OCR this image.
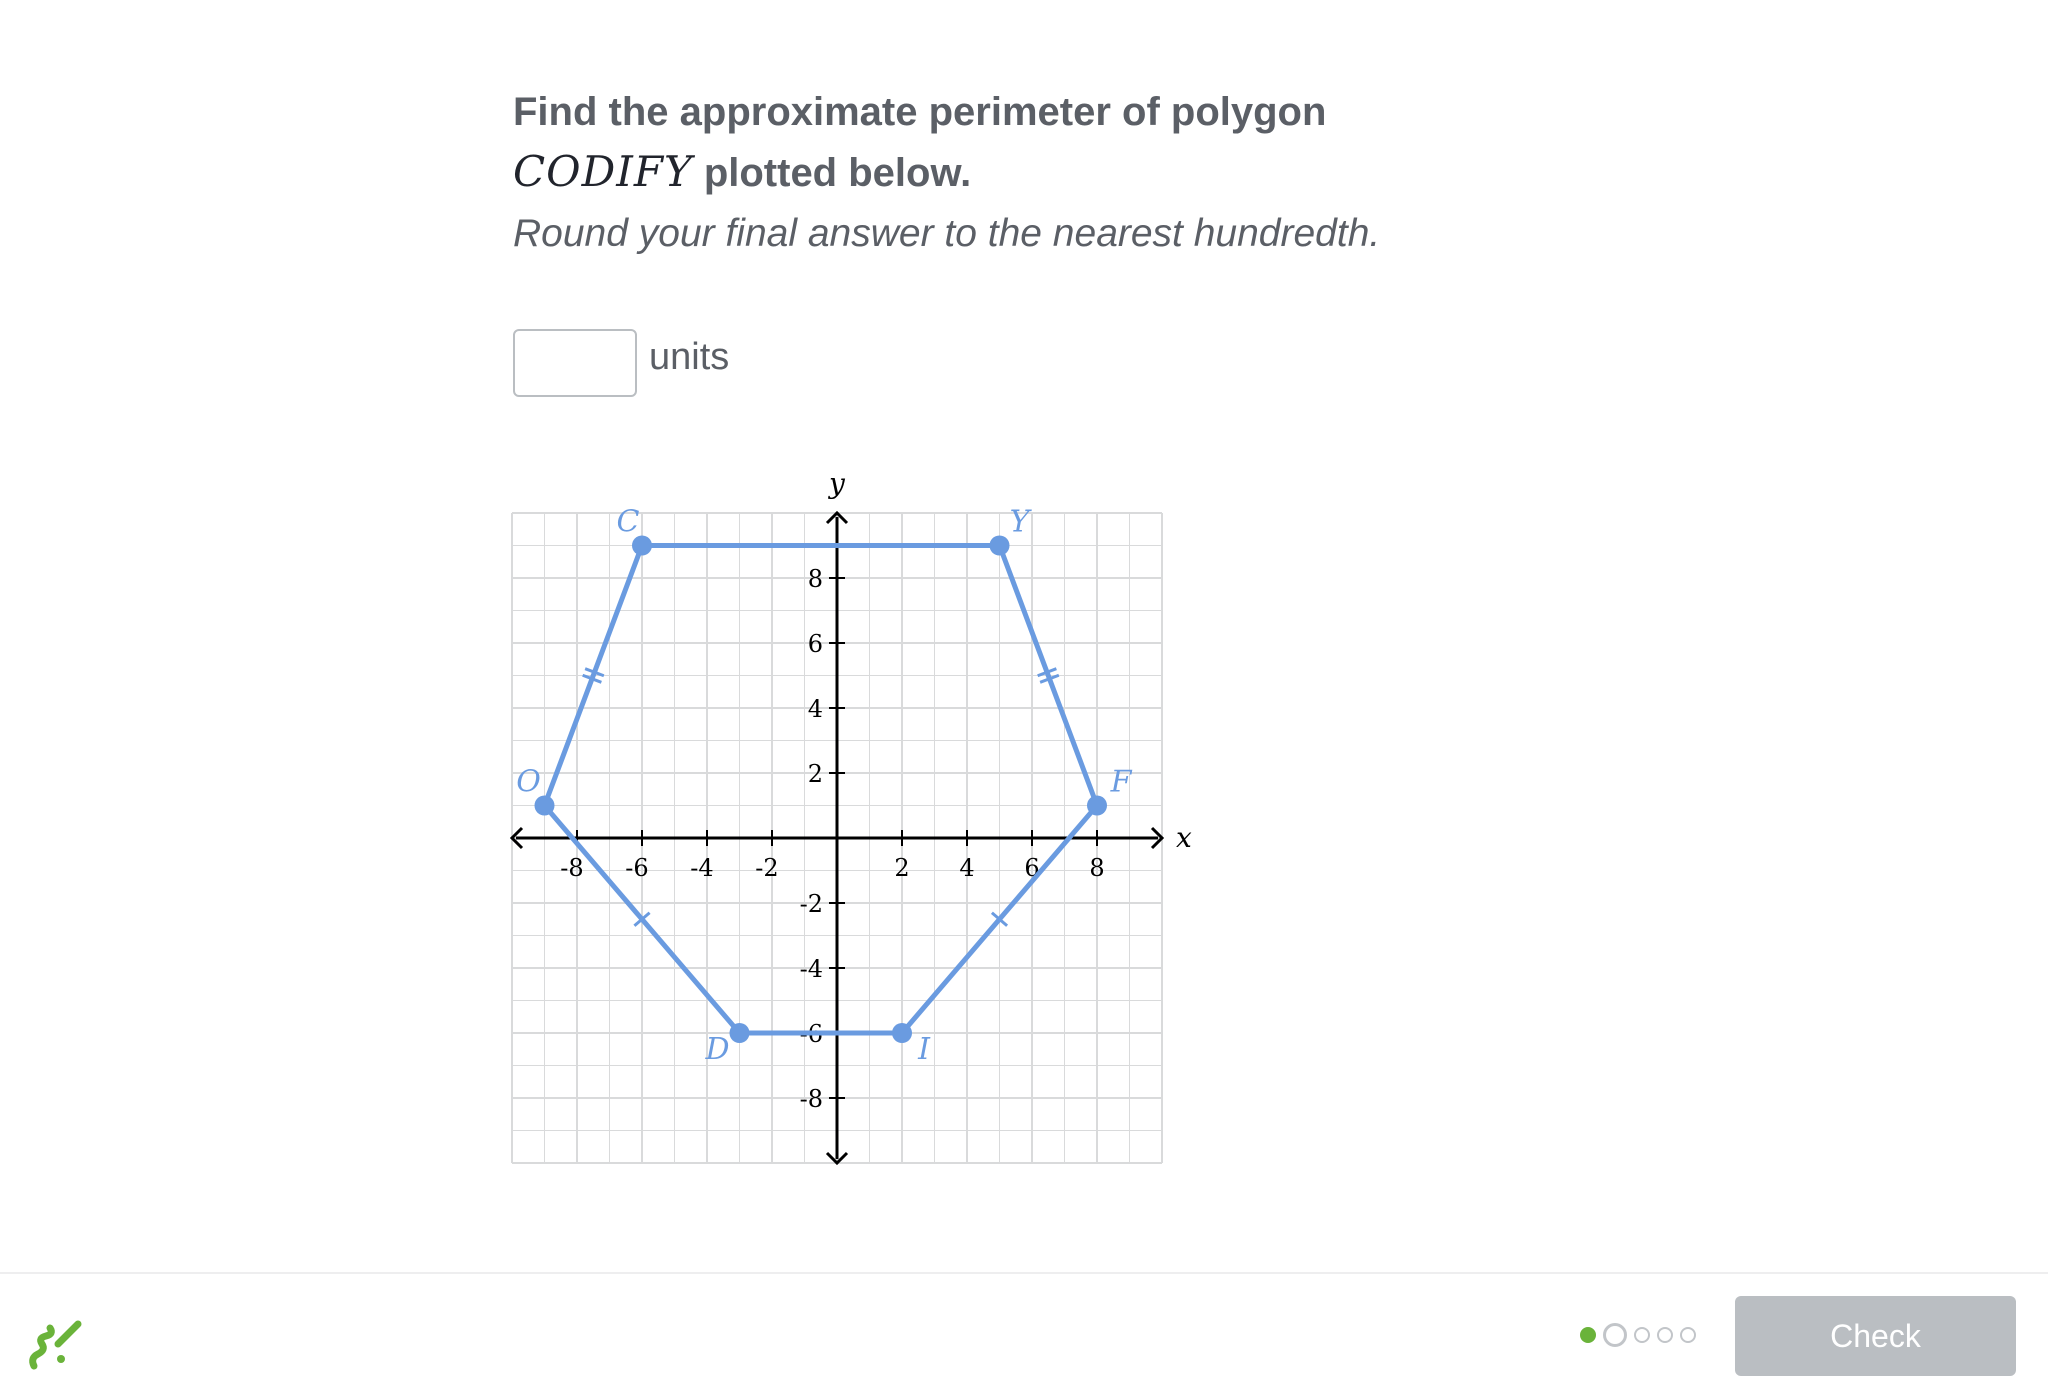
Find the approximate perimeter of polygon
CODIFY plotted below.
Round your final answer to the nearest hundredth.
units
-8 -6 -4 -2	2 4 6 8
8
6
4
2
-2
-4
-6
-8
C
O
D	I
F
Y
x
y
Check
